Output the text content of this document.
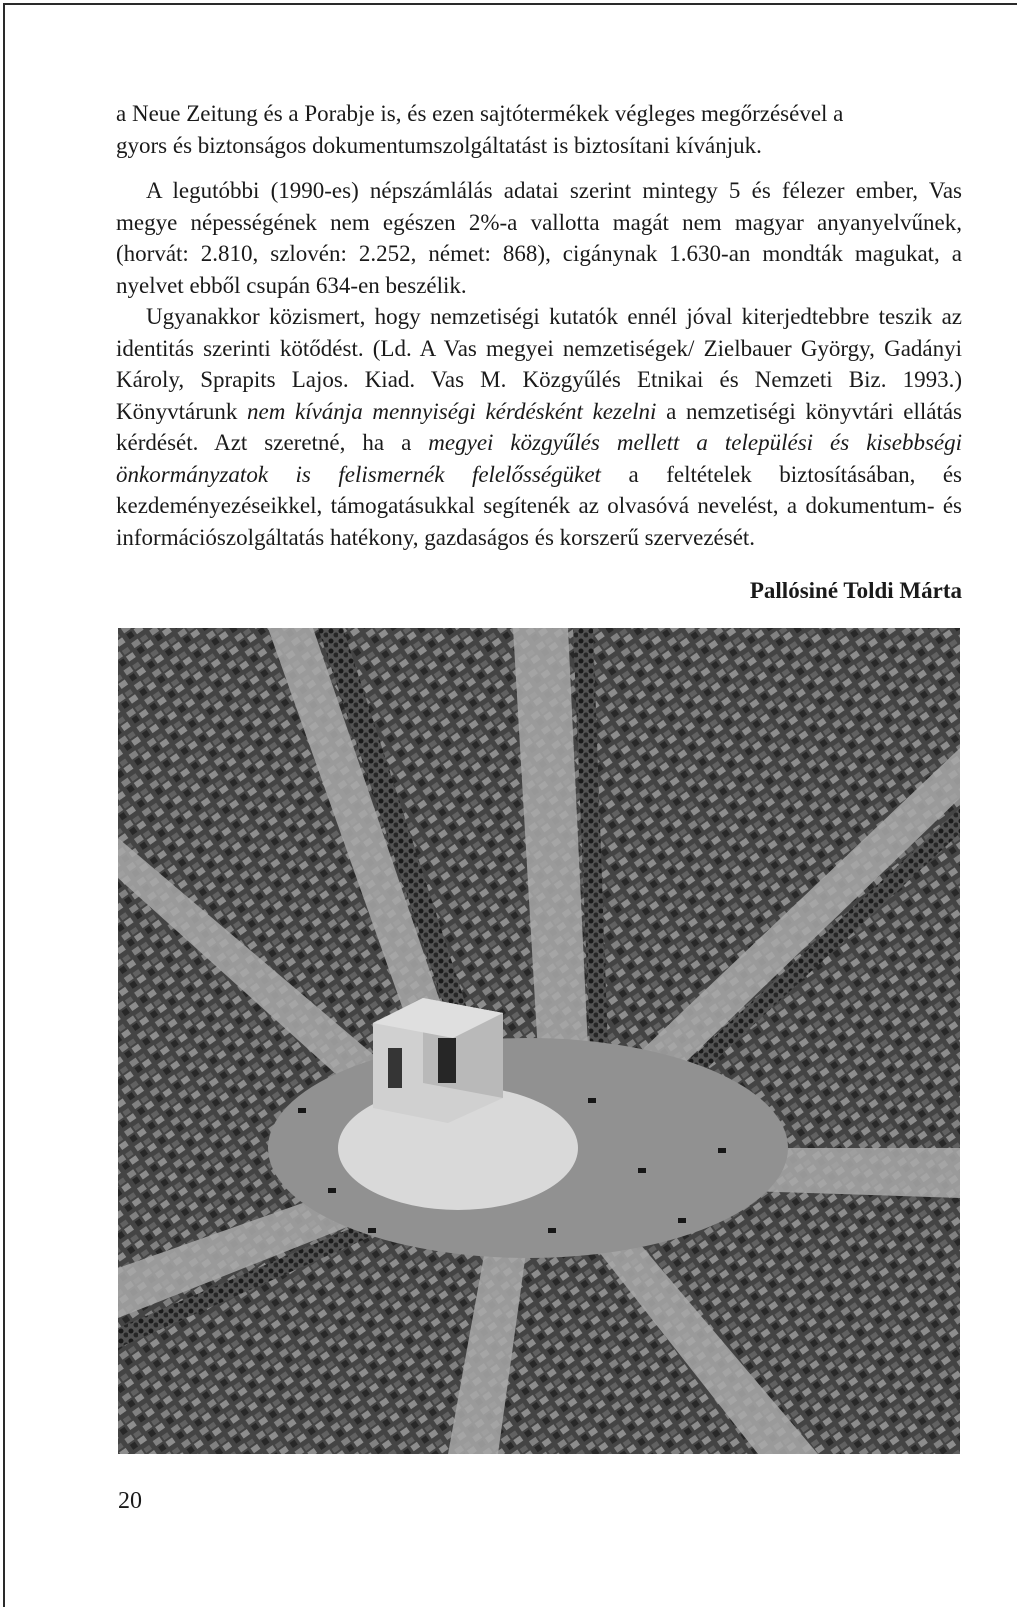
a Neue Zeitung és a Porabje is, és ezen sajtótermékek végleges megőrzésével a
gyors és biztonságos dokumentumszolgáltatást is biztosítani kívánjuk.

A legutóbbi (1990-es) népszámlálás adatai szerint mintegy 5 és félezer ember, Vas megye népességének nem egészen 2%-a vallotta magát nem magyar anyanyelvűnek, (horvát: 2.810, szlovén: 2.252, német: 868), cigánynak 1.630-an mondták magukat, a nyelvet ebből csupán 634-en beszélik.

Ugyanakkor közismert, hogy nemzetiségi kutatók ennél jóval kiterjedtebbre teszik az identitás szerinti kötődést. (Ld. A Vas megyei nemzetiségek/ Zielbauer György, Gadányi Károly, Sprapits Lajos. Kiad. Vas M. Közgyűlés Etnikai és Nemzeti Biz. 1993.) Könyvtárunk nem kívánja mennyiségi kérdésként kezelni a nemzetiségi könyvtári ellátás kérdését. Azt szeretné, ha a megyei közgyűlés mellett a települési és kisebbségi önkormányzatok is felismernék felelősségüket a feltételek biztosításában, és kezdeményezéseikkel, támogatásukkal segítenék az olvasóvá nevelést, a dokumentum- és információszolgáltatás hatékony, gazdaságos és korszerű szervezését.

Pallósiné Toldi Márta
20
